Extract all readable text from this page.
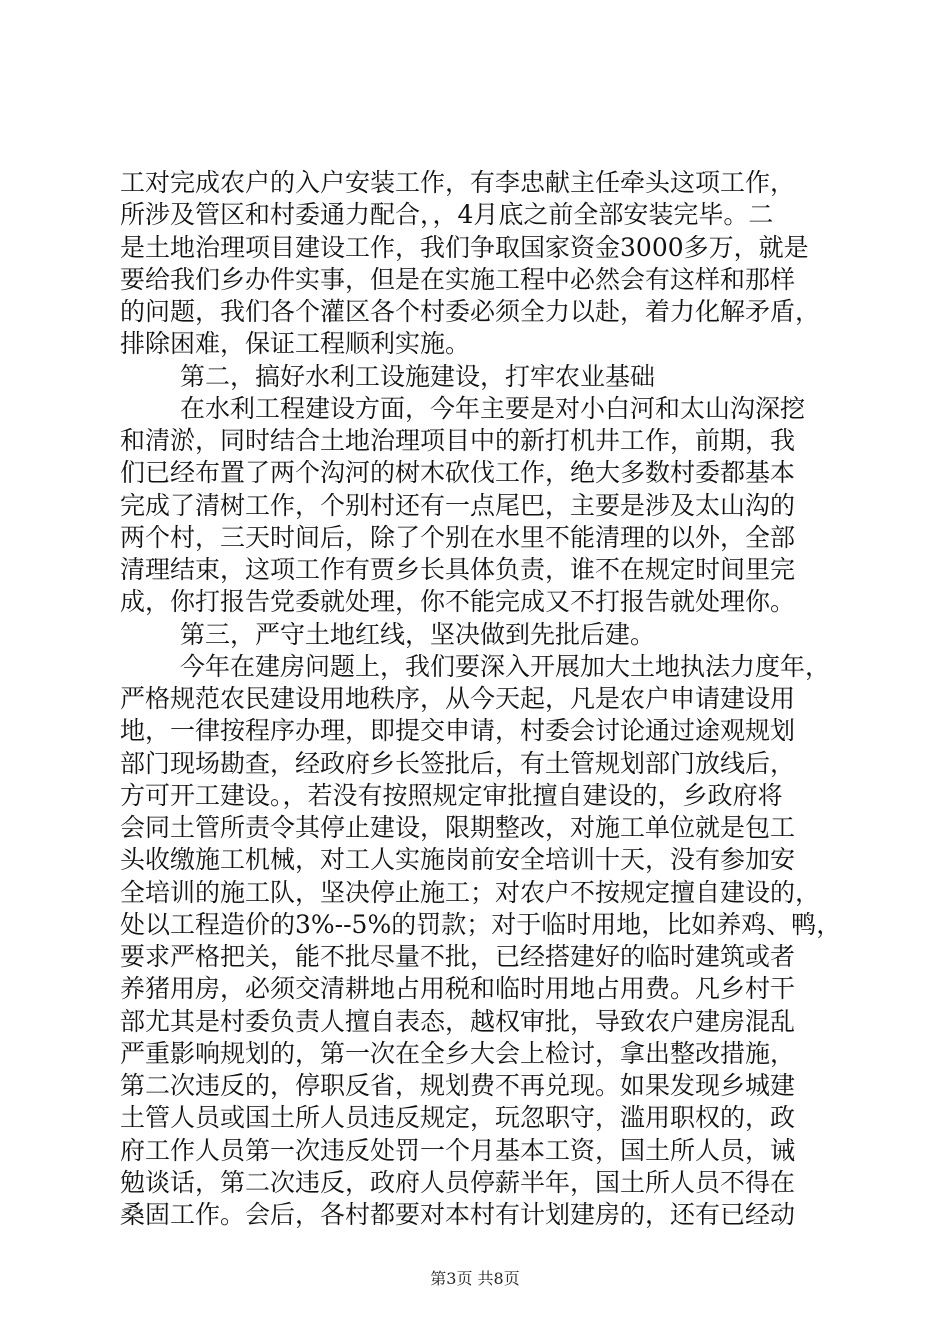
工对完成农户的入户安装工作，有李忠献主任牵头这项工作，
所涉及管区和村委通力配合，，4月底之前全部安装完毕。二
是土地治理项目建设工作，我们争取国家资金3000多万，就是
要给我们乡办件实事，但是在实施工程中必然会有这样和那样
的问题，我们各个灌区各个村委必须全力以赴，着力化解矛盾，
排除困难，保证工程顺利实施。
第二，搞好水利工设施建设，打牢农业基础
在水利工程建设方面，今年主要是对小白河和太山沟深挖
和清淤，同时结合土地治理项目中的新打机井工作，前期，我
们已经布置了两个沟河的树木砍伐工作，绝大多数村委都基本
完成了清树工作，个别村还有一点尾巴，主要是涉及太山沟的
两个村，三天时间后，除了个别在水里不能清理的以外，全部
清理结束，这项工作有贾乡长具体负责，谁不在规定时间里完
成，你打报告党委就处理，你不能完成又不打报告就处理你。
第三，严守土地红线，坚决做到先批后建。
今年在建房问题上，我们要深入开展加大土地执法力度年，
严格规范农民建设用地秩序，从今天起，凡是农户申请建设用
地，一律按程序办理，即提交申请，村委会讨论通过途观规划
部门现场勘查，经政府乡长签批后，有土管规划部门放线后，
方可开工建设。，若没有按照规定审批擅自建设的，乡政府将
会同土管所责令其停止建设，限期整改，对施工单位就是包工
头收缴施工机械，对工人实施岗前安全培训十天，没有参加安
全培训的施工队，坚决停止施工；对农户不按规定擅自建设的，
处以工程造价的3%--5%的罚款；对于临时用地，比如养鸡、鸭，
要求严格把关，能不批尽量不批，已经搭建好的临时建筑或者
养猪用房，必须交清耕地占用税和临时用地占用费。凡乡村干
部尤其是村委负责人擅自表态，越权审批，导致农户建房混乱
严重影响规划的，第一次在全乡大会上检讨，拿出整改措施，
第二次违反的，停职反省，规划费不再兑现。如果发现乡城建
土管人员或国土所人员违反规定，玩忽职守，滥用职权的，政
府工作人员第一次违反处罚一个月基本工资，国土所人员，诫
勉谈话，第二次违反，政府人员停薪半年，国土所人员不得在
桑固工作。会后，各村都要对本村有计划建房的，还有已经动
第3页 共8页
